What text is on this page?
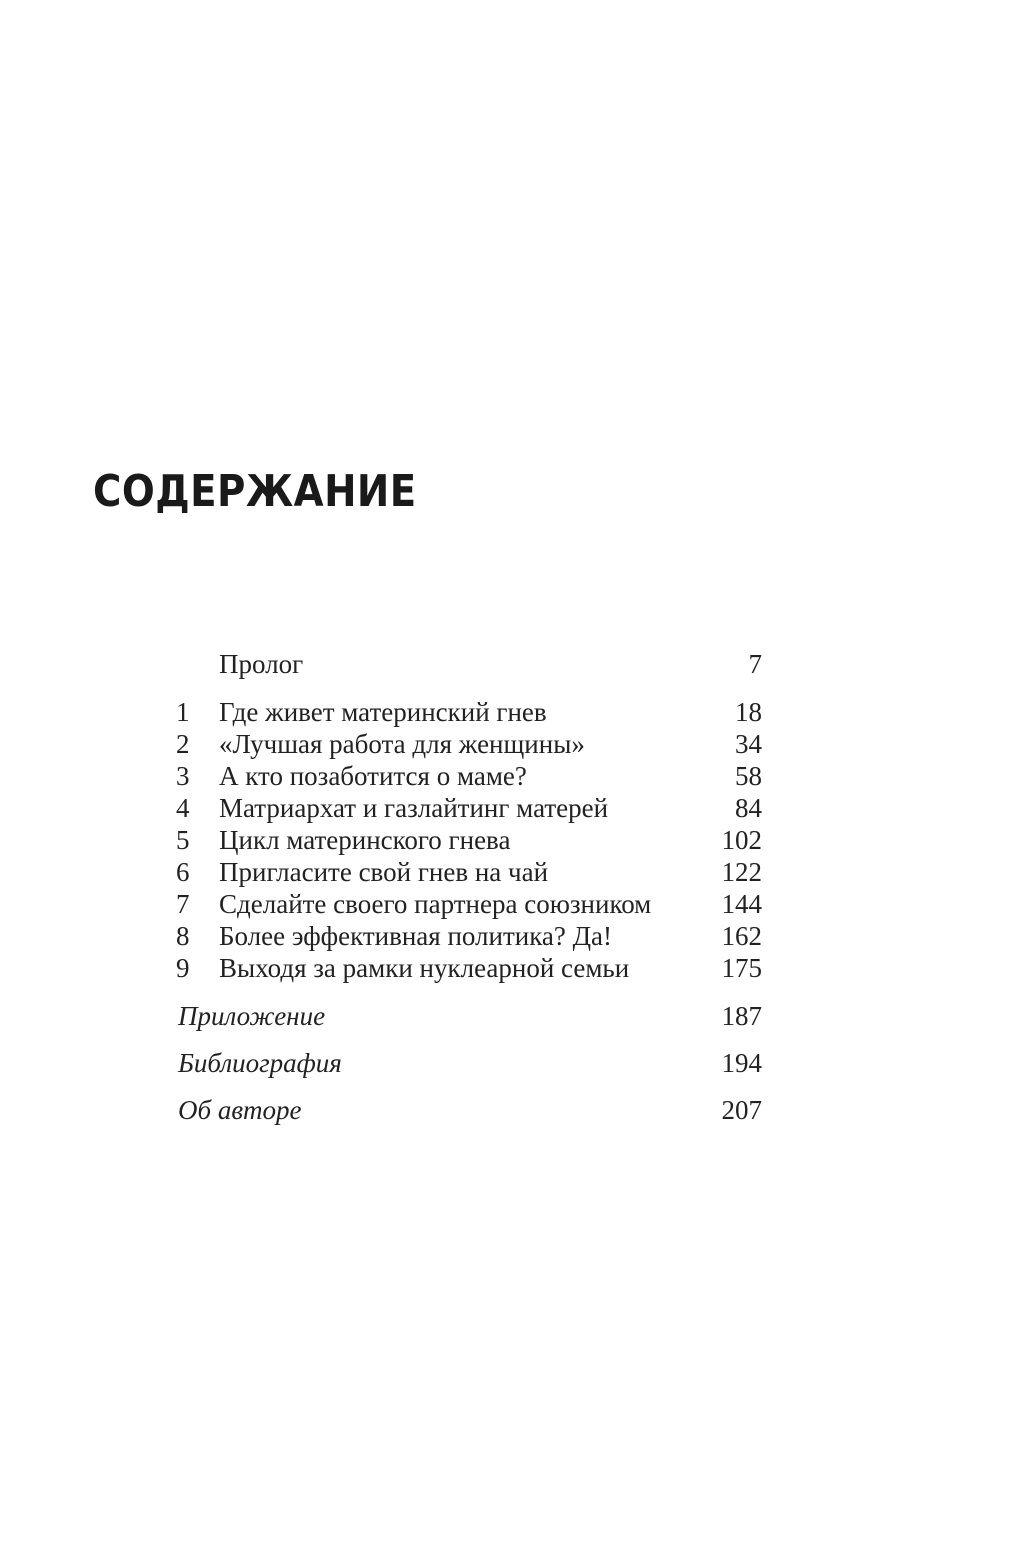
СОДЕРЖАНИЕ
Пролог	7
1 Где живет материнский гнев	18
2 «Лучшая работа для женщины»	34
3 А кто позаботится о маме?	58
4 Матриархат и газлайтинг матерей	84
5 Цикл материнского гнева	102
6 Пригласите свой гнев на чай	122
7 Сделайте своего партнера союзником	144
8 Более эффективная политика? Да!	162
9 Выходя за рамки нуклеарной семьи	175
Приложение	187
Библиография	194
Об авторе	207
